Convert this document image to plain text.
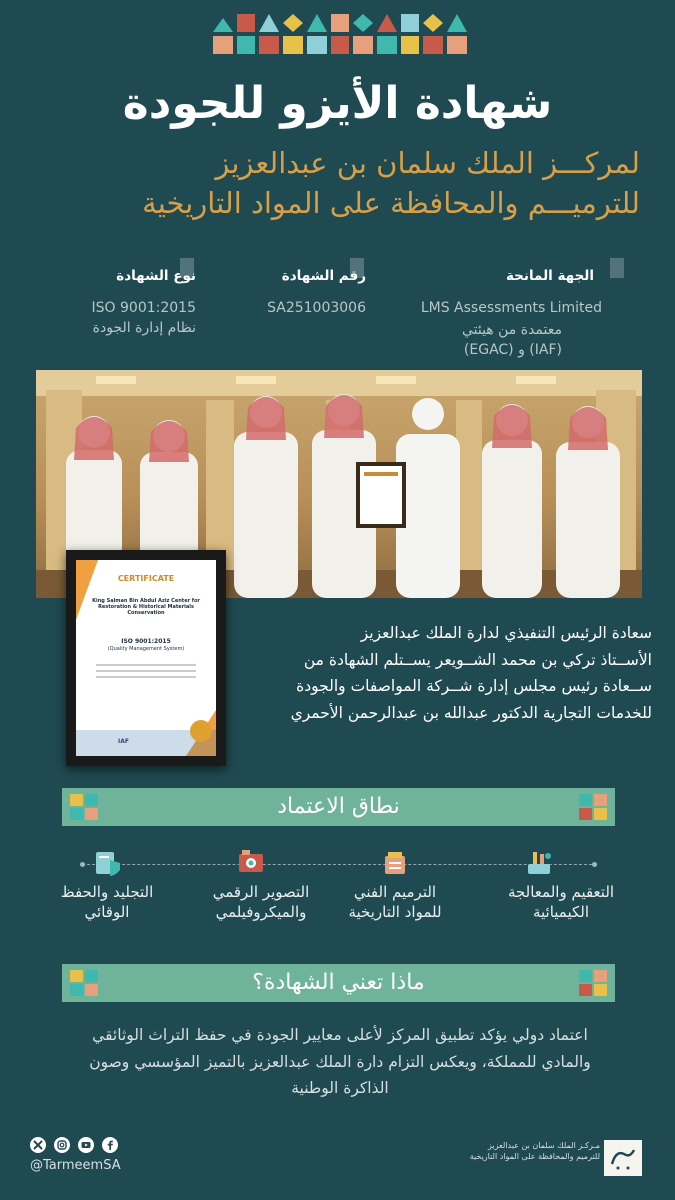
شهادة الأيزو للجودة
لمركـــز الملك سلمان بن عبدالعزيز
للترميـــم والمحافظة على المواد التاريخية
الجهة المانحة
LMS Assessments Limited
معتمدة من هيئتي
(EGAC) و (IAF)
رقم الشهادة
SA251003006
نوع الشهادة
ISO 9001:2015
نظام إدارة الجودة
CERTIFICATE
King Salman Bin Abdul Aziz Center for
Restoration & Historical Materials
Conservation
ISO 9001:2015
(Quality Management System)
IAF
سعادة الرئيس التنفيذي لدارة الملك عبدالعزيز
الأســتاذ تركي بن محمد الشــويعر يســتلم الشهادة من
ســعادة رئيس مجلس إدارة شــركة المواصفات والجودة
للخدمات التجارية الدكتور عبدالله بن عبدالرحمن الأحمري
نطاق الاعتماد
التعقيم والمعالجة
الكيميائية
الترميم الفني
للمواد التاريخية
التصوير الرقمي
والميكروفيلمي
التجليد والحفظ
الوقائي
ماذا تعني الشهادة؟
اعتماد دولي يؤكد تطبيق المركز لأعلى معايير الجودة في حفظ التراث الوثائقي
والمادي للمملكة، ويعكس التزام دارة الملك عبدالعزيز بالتميز المؤسسي وصون
الذاكرة الوطنية
@TarmeemSA
مـركـز الملك سلمان بن عبدالعزيز
للترميم والمحافظة على المواد التاريخية
